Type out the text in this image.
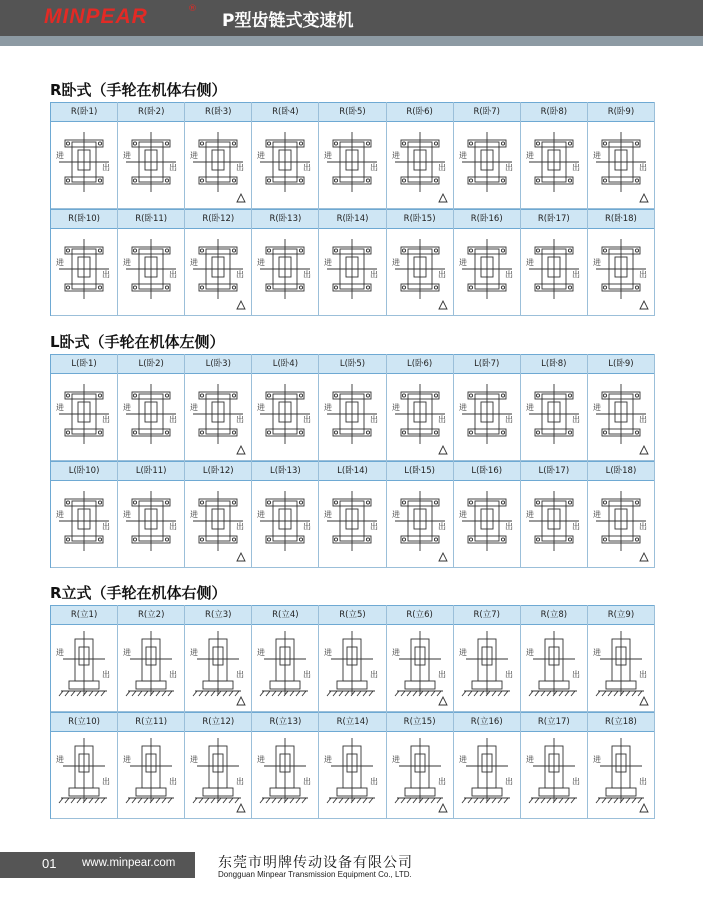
MINPEAR	®
P型齿链式变速机
R卧式（手轮在机体右侧）
R(卧1)
进
出
R(卧2)
进
出
R(卧3)
进
出
R(卧4)
进
出
R(卧5)
进
出
R(卧6)
进
出
R(卧7)
进
出
R(卧8)
进
出
R(卧9)
进
出
R(卧10)
进
出
R(卧11)
进
出
R(卧12)
进
出
R(卧13)
进
出
R(卧14)
进
出
R(卧15)
进
出
R(卧16)
进
出
R(卧17)
进
出
R(卧18)
进
出
L卧式（手轮在机体左侧）
L(卧1)
进
出
L(卧2)
进
出
L(卧3)
进
出
L(卧4)
进
出
L(卧5)
进
出
L(卧6)
进
出
L(卧7)
进
出
L(卧8)
进
出
L(卧9)
进
出
L(卧10)
进
出
L(卧11)
进
出
L(卧12)
进
出
L(卧13)
进
出
L(卧14)
进
出
L(卧15)
进
出
L(卧16)
进
出
L(卧17)
进
出
L(卧18)
进
出
R立式（手轮在机体右侧）
R(立1)
进
出
R(立2)
进
出
R(立3)
进
出
R(立4)
进
出
R(立5)
进
出
R(立6)
进
出
R(立7)
进
出
R(立8)
进
出
R(立9)
进
出
R(立10)
进
出
R(立11)
进
出
R(立12)
进
出
R(立13)
进
出
R(立14)
进
出
R(立15)
进
出
R(立16)
进
出
R(立17)
进
出
R(立18)
进
出
01 www.minpear.com	东莞市明牌传动设备有限公司
Dongguan Minpear Transmission Equipment Co., LTD.
